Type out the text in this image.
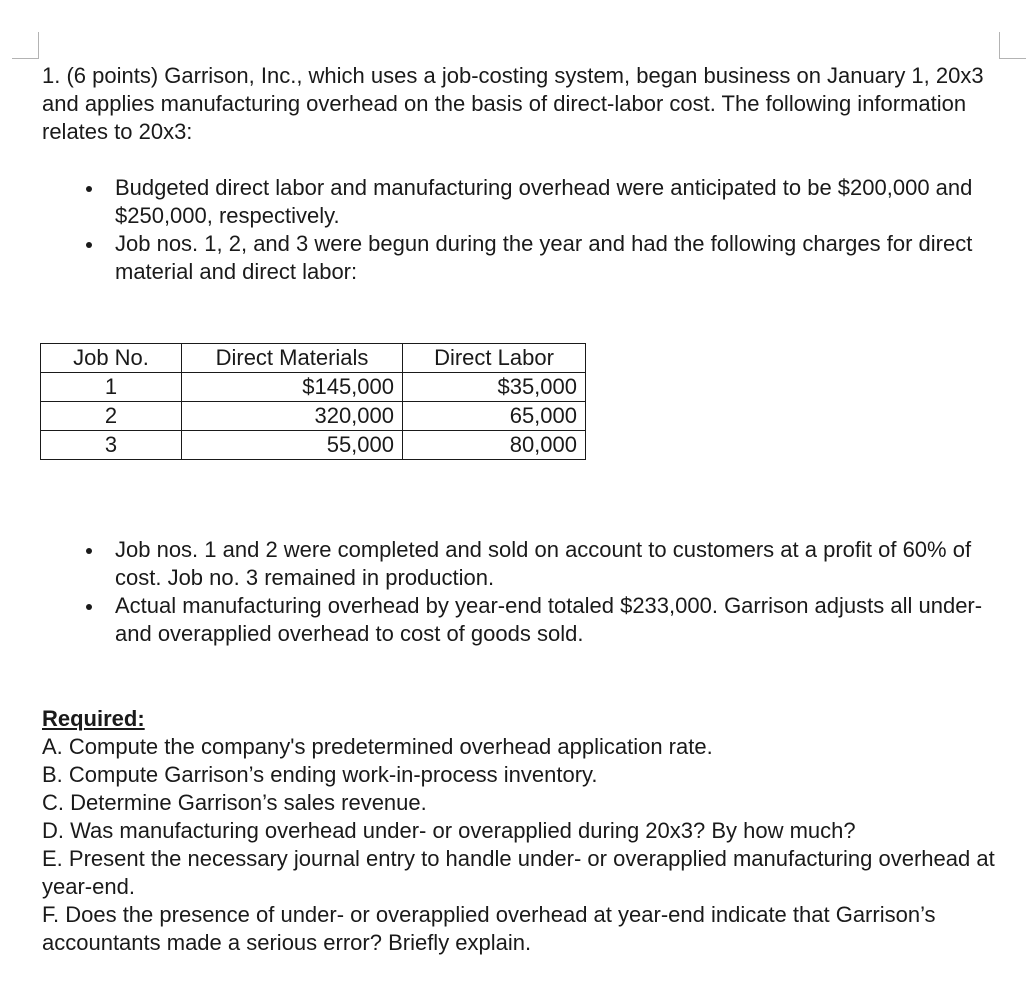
1. (6 points) Garrison, Inc., which uses a job-costing system, began business on January 1, 20x3 and applies manufacturing overhead on the basis of direct-labor cost. The following information relates to 20x3:

Budgeted direct labor and manufacturing overhead were anticipated to be $200,000 and $250,000, respectively.
Job nos. 1, 2, and 3 were begun during the year and had the following charges for direct material and direct labor:
Job No.	Direct Materials	Direct Labor
1	$145,000	$35,000
2	320,000	65,000
3	55,000	80,000
Job nos. 1 and 2 were completed and sold on account to customers at a profit of 60% of cost. Job no. 3 remained in production.
Actual manufacturing overhead by year-end totaled $233,000. Garrison adjusts all under- and overapplied overhead to cost of goods sold.
Required:
A. Compute the company's predetermined overhead application rate.
B. Compute Garrison’s ending work-in-process inventory.
C. Determine Garrison’s sales revenue.
D. Was manufacturing overhead under- or overapplied during 20x3? By how much?
E. Present the necessary journal entry to handle under- or overapplied manufacturing overhead at year-end.
F. Does the presence of under- or overapplied overhead at year-end indicate that Garrison’s accountants made a serious error? Briefly explain.
